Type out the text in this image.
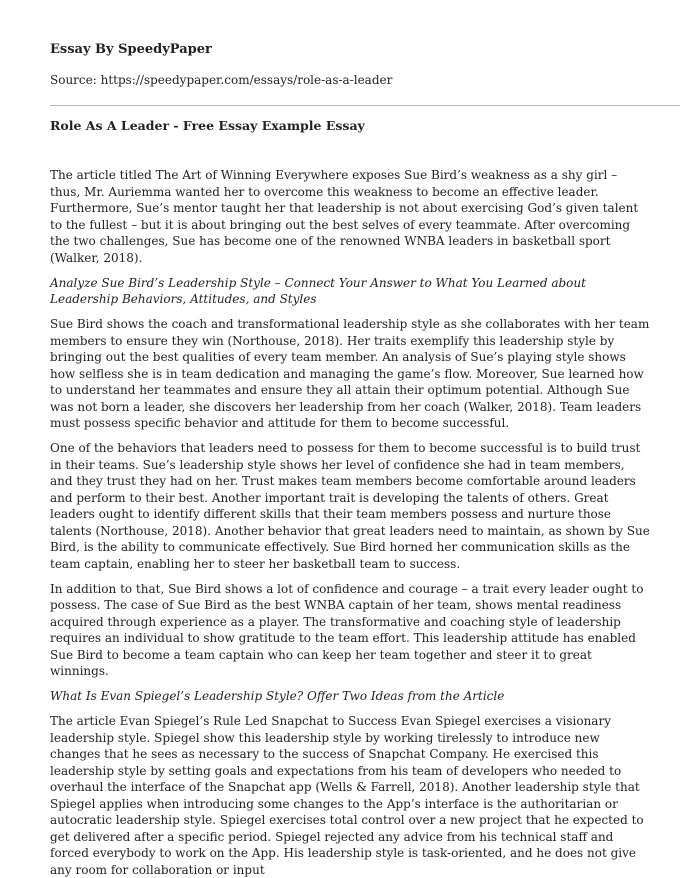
Essay By SpeedyPaper
Source: https://speedypaper.com/essays/role-as-a-leader
Role As A Leader - Free Essay Example Essay

The article titled The Art of Winning Everywhere exposes Sue Bird’s weakness as a shy girl – thus, Mr. Auriemma wanted her to overcome this weakness to become an effective leader. Furthermore, Sue’s mentor taught her that leadership is not about exercising God’s given talent to the fullest – but it is about bringing out the best selves of every teammate. After overcoming the two challenges, Sue has become one of the renowned WNBA leaders in basketball sport (Walker, 2018).

Analyze Sue Bird’s Leadership Style – Connect Your Answer to What You Learned about Leadership Behaviors, Attitudes, and Styles

Sue Bird shows the coach and transformational leadership style as she collaborates with her team members to ensure they win (Northouse, 2018). Her traits exemplify this leadership style by bringing out the best qualities of every team member. An analysis of Sue’s playing style shows how selfless she is in team dedication and managing the game’s flow. Moreover, Sue learned how to understand her teammates and ensure they all attain their optimum potential. Although Sue was not born a leader, she discovers her leadership from her coach (Walker, 2018). Team leaders must possess specific behavior and attitude for them to become successful.

One of the behaviors that leaders need to possess for them to become successful is to build trust in their teams. Sue’s leadership style shows her level of confidence she had in team members, and they trust they had on her. Trust makes team members become comfortable around leaders and perform to their best. Another important trait is developing the talents of others. Great leaders ought to identify different skills that their team members possess and nurture those talents (Northouse, 2018). Another behavior that great leaders need to maintain, as shown by Sue Bird, is the ability to communicate effectively. Sue Bird horned her communication skills as the team captain, enabling her to steer her basketball team to success.

In addition to that, Sue Bird shows a lot of confidence and courage – a trait every leader ought to possess. The case of Sue Bird as the best WNBA captain of her team, shows mental readiness acquired through experience as a player. The transformative and coaching style of leadership requires an individual to show gratitude to the team effort. This leadership attitude has enabled Sue Bird to become a team captain who can keep her team together and steer it to great winnings.

What Is Evan Spiegel’s Leadership Style? Offer Two Ideas from the Article

The article Evan Spiegel’s Rule Led Snapchat to Success Evan Spiegel exercises a visionary leadership style. Spiegel show this leadership style by working tirelessly to introduce new changes that he sees as necessary to the success of Snapchat Company. He exercised this leadership style by setting goals and expectations from his team of developers who needed to overhaul the interface of the Snapchat app (Wells & Farrell, 2018). Another leadership style that Spiegel applies when introducing some changes to the App’s interface is the authoritarian or autocratic leadership style. Spiegel exercises total control over a new project that he expected to get delivered after a specific period. Spiegel rejected any advice from his technical staff and forced everybody to work on the App. His leadership style is task-oriented, and he does not give any room for collaboration or input
